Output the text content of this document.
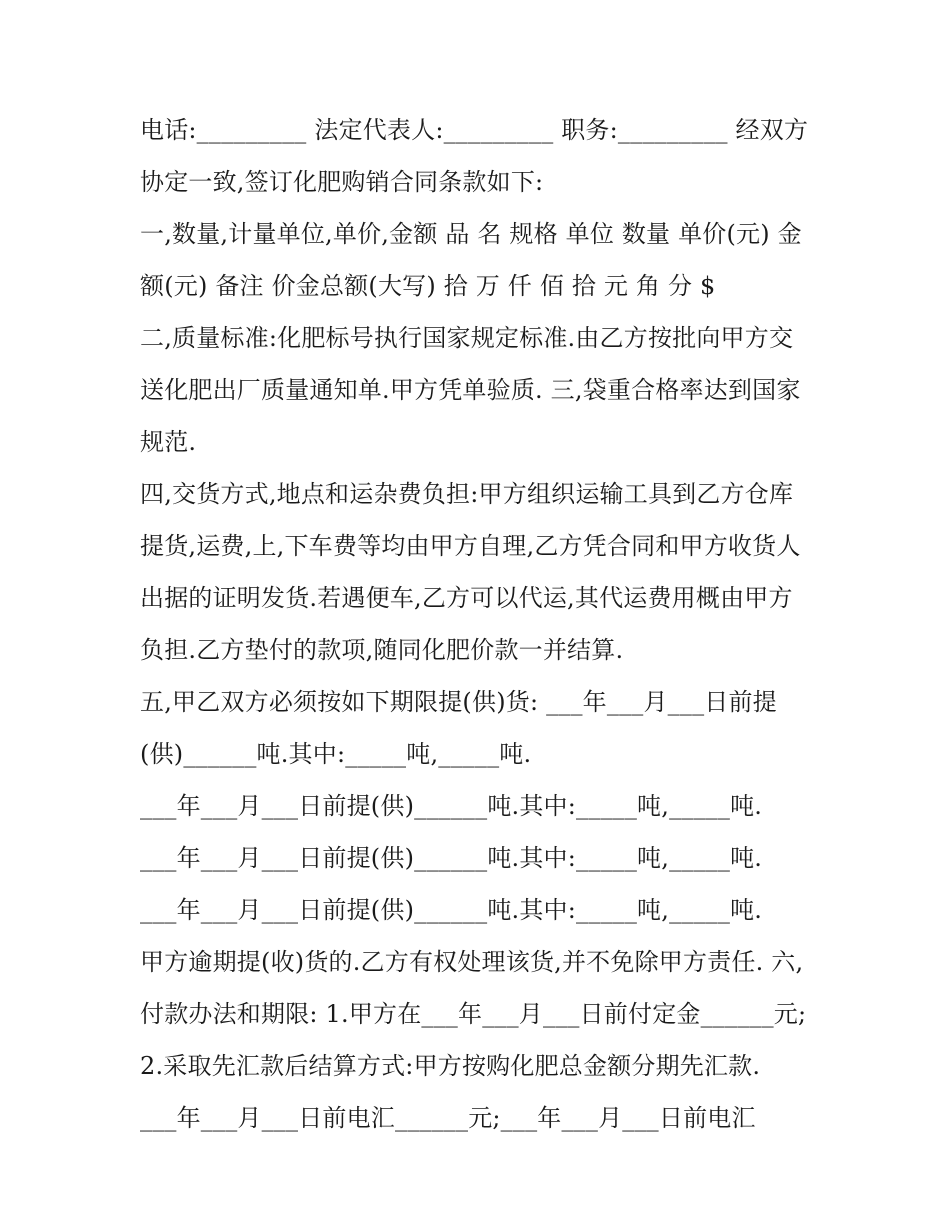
电话:_________ 法定代表人:_________ 职务:_________ 经双方
协定一致,签订化肥购销合同条款如下:
一,数量,计量单位,单价,金额 品 名 规格 单位 数量 单价(元) 金
额(元) 备注 价金总额(大写) 拾 万 仟 佰 拾 元 角 分 $
二,质量标准:化肥标号执行国家规定标准.由乙方按批向甲方交
送化肥出厂质量通知单.甲方凭单验质. 三,袋重合格率达到国家
规范.
四,交货方式,地点和运杂费负担:甲方组织运输工具到乙方仓库
提货,运费,上,下车费等均由甲方自理,乙方凭合同和甲方收货人
出据的证明发货.若遇便车,乙方可以代运,其代运费用概由甲方
负担.乙方垫付的款项,随同化肥价款一并结算.
五,甲乙双方必须按如下期限提(供)货: ___年___月___日前提
(供)______吨.其中:_____吨,_____吨.
___年___月___日前提(供)______吨.其中:_____吨,_____吨.
___年___月___日前提(供)______吨.其中:_____吨,_____吨.
___年___月___日前提(供)______吨.其中:_____吨,_____吨.
甲方逾期提(收)货的.乙方有权处理该货,并不免除甲方责任. 六,
付款办法和期限: 1.甲方在___年___月___日前付定金______元;
2.采取先汇款后结算方式:甲方按购化肥总金额分期先汇款.
___年___月___日前电汇______元;___年___月___日前电汇
